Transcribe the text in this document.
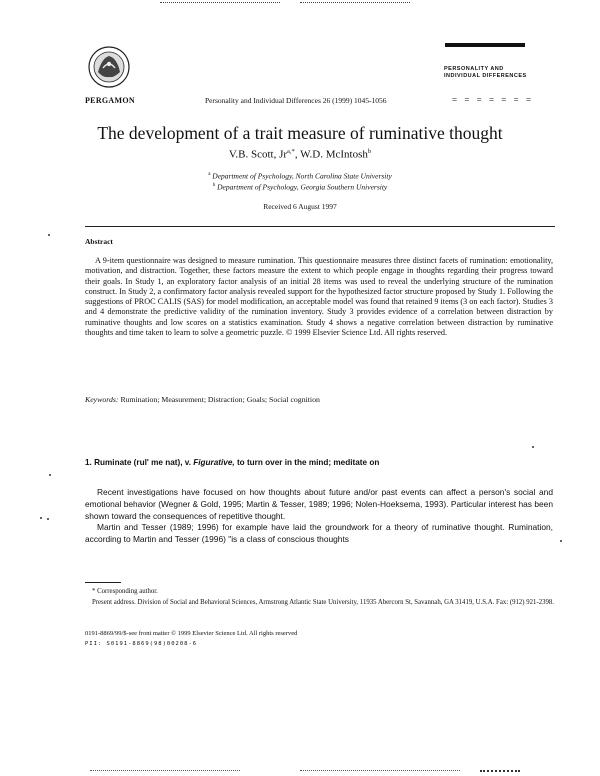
PERSONALITY AND
INDIVIDUAL DIFFERENCES
PERGAMON	Personality and Individual Differences 26 (1999) 1045-1056	= = = = = = =
The development of a trait measure of ruminative thought
V.B. Scott, $Jr^{a,*}$, W.D. McIntosh$^b$
$^a$ Department of Psychology, North Carolina State University
$^b$ Department of Psychology, Georgia Southern University
Received 6 August 1997
Abstract
A 9-item questionnaire was designed to measure rumination. This questionnaire measures three distinct facets of rumination: emotionality, motivation, and distraction. Together, these factors measure the extent to which people engage in thoughts regarding their progress toward their goals. In Study 1, an exploratory factor analysis of an initial 28 items was used to reveal the underlying structure of the rumination construct. In Study 2, a confirmatory factor analysis revealed support for the hypothesized factor structure proposed by Study 1. Following the suggestions of PROC CALIS (SAS) for model modification, an acceptable model was found that retained 9 items (3 on each factor). Studies 3 and 4 demonstrate the predictive validity of the rumination inventory. Study 3 provides evidence of a correlation between distraction by ruminative thoughts and low scores on a statistics examination. Study 4 shows a negative correlation between distraction by ruminative thoughts and time taken to learn to solve a geometric puzzle. © 1999 Elsevier Science Ltd. All rights reserved.
Keywords: Rumination; Measurement; Distraction; Goals; Social cognition
1. Ruminate (rul' me nat), v. Figurative, to turn over in the mind; meditate on

Recent investigations have focused on how thoughts about future and/or past events can affect a person's social and emotional behavior (Wegner & Gold, 1995; Martin & Tesser, 1989; 1996; Nolen-Hoeksema, 1993). Particular interest has been shown toward the consequences of repetitive thought.

Martin and Tesser (1989; 1996) for example have laid the groundwork for a theory of ruminative thought. Rumination, according to Martin and Tesser (1996) "is a class of conscious thoughts

* Corresponding author.
Present address. Division of Social and Behavioral Sciences, Armstrong Atlantic State University, 11935 Abercorn St, Savannah, GA 31419, U.S.A. Fax: (912) 921-2398.
0191-8869/99/$-see front matter © 1999 Elsevier Science Ltd. All rights reserved
PII: S0191-8869(98)00208-6
